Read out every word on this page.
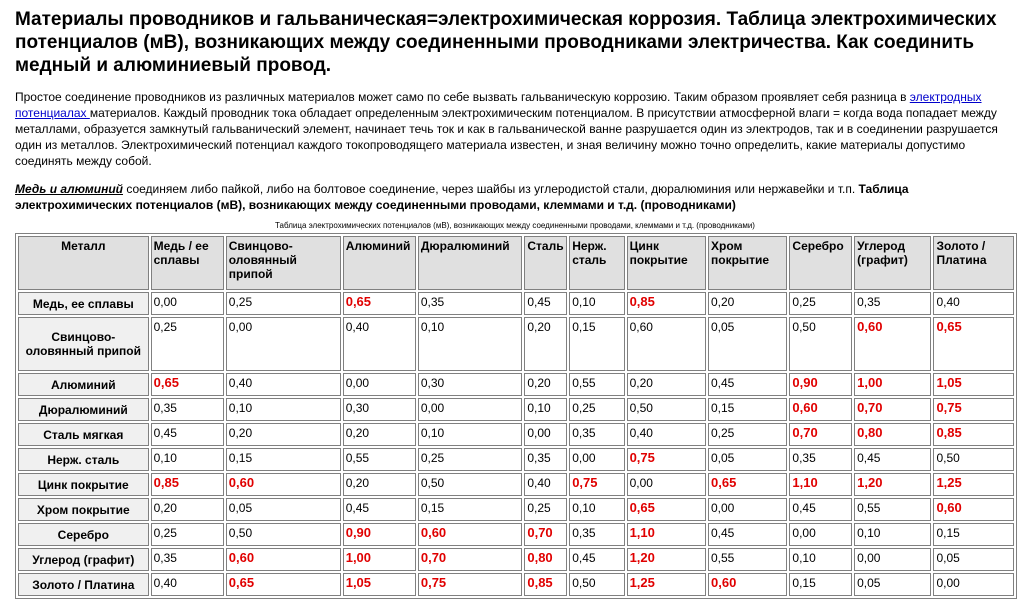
Материалы проводников и гальваническая=электрохимическая коррозия. Таблица электрохимических потенциалов (мВ), возникающих между соединенными проводниками электричества. Как соединить медный и алюминиевый провод.

Простое соединение проводников из различных материалов может само по себе вызвать гальваническую коррозию. Таким образом проявляет себя разница в электродных потенциалах материалов. Каждый проводник тока обладает определенным электрохимическим потенциалом. В присутствии атмосферной влаги = когда вода попадает между металлами, образуется замкнутый гальванический элемент, начинает течь ток и как в гальванической ванне разрушается один из электродов, так и в соединении разрушается один из металлов. Электрохимический потенциал каждого токопроводящего материала известен, и зная величину можно точно определить, какие материалы допустимо соединять между собой.

Медь и алюминий соединяем либо пайкой, либо на болтовое соединение, через шайбы из углеродистой стали, дюралюминия или нержавейки и т.п. Таблица электрохимических потенциалов (мВ), возникающих между соединенными проводами, клеммами и т.д. (проводниками)

Таблица электрохимических потенциалов (мВ), возникающих между соединенными проводами, клеммами и т.д. (проводниками)
Металл	Медь / ее сплавы	Свинцово-оловянный припой	Алюминий	Дюралюминий	Сталь	Нерж. сталь	Цинк покрытие	Хром покрытие	Серебро	Углерод (графит)	Золото / Платина
Медь, ее сплавы	0,00	0,25	0,65	0,35	0,45	0,10	0,85	0,20	0,25	0,35	0,40
Свинцово-оловянный припой	0,25	0,00	0,40	0,10	0,20	0,15	0,60	0,05	0,50	0,60	0,65
Алюминий	0,65	0,40	0,00	0,30	0,20	0,55	0,20	0,45	0,90	1,00	1,05
Дюралюминий	0,35	0,10	0,30	0,00	0,10	0,25	0,50	0,15	0,60	0,70	0,75
Сталь мягкая	0,45	0,20	0,20	0,10	0,00	0,35	0,40	0,25	0,70	0,80	0,85
Нерж. сталь	0,10	0,15	0,55	0,25	0,35	0,00	0,75	0,05	0,35	0,45	0,50
Цинк покрытие	0,85	0,60	0,20	0,50	0,40	0,75	0,00	0,65	1,10	1,20	1,25
Хром покрытие	0,20	0,05	0,45	0,15	0,25	0,10	0,65	0,00	0,45	0,55	0,60
Серебро	0,25	0,50	0,90	0,60	0,70	0,35	1,10	0,45	0,00	0,10	0,15
Углерод (графит)	0,35	0,60	1,00	0,70	0,80	0,45	1,20	0,55	0,10	0,00	0,05
Золото / Платина	0,40	0,65	1,05	0,75	0,85	0,50	1,25	0,60	0,15	0,05	0,00
